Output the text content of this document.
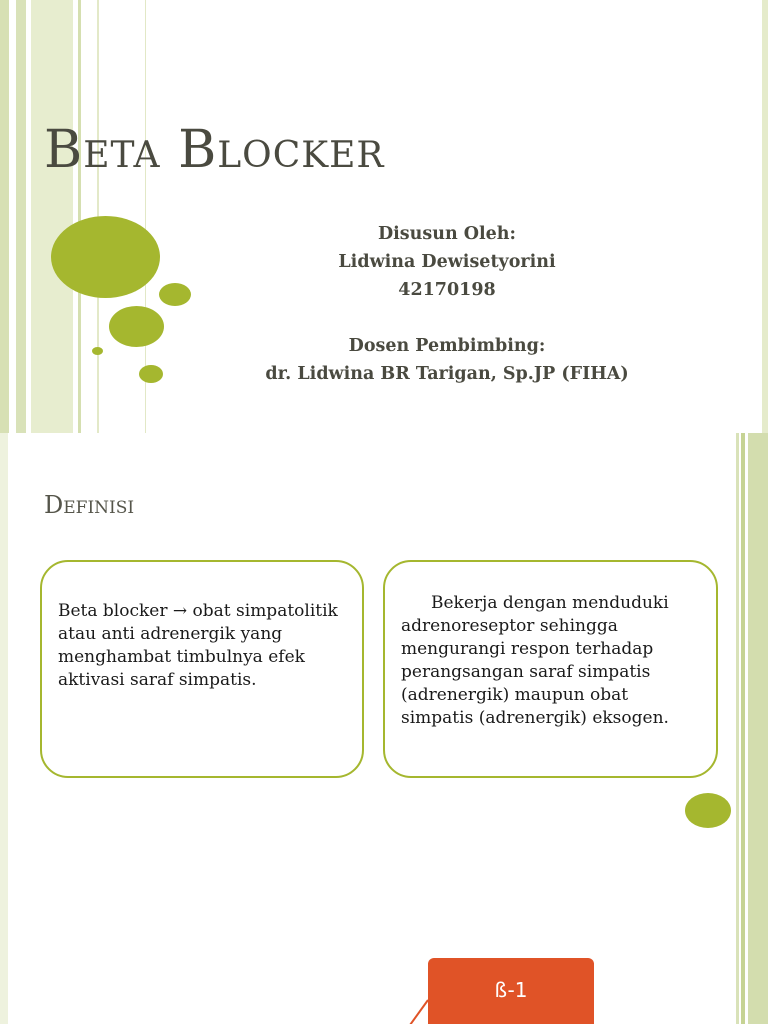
Beta Blocker
Disusun Oleh:
Lidwina Dewisetyorini
42170198
Dosen Pembimbing:
dr. Lidwina BR Tarigan, Sp.JP (FIHA)
Definisi

Beta blocker → obat simpatolitik atau anti adrenergik yang menghambat timbulnya efek aktivasi saraf simpatis.

Bekerja dengan menduduki adrenoreseptor sehingga mengurangi respon terhadap perangsangan saraf simpatis (adrenergik) maupun obat simpatis (adrenergik) eksogen.

ß-1
